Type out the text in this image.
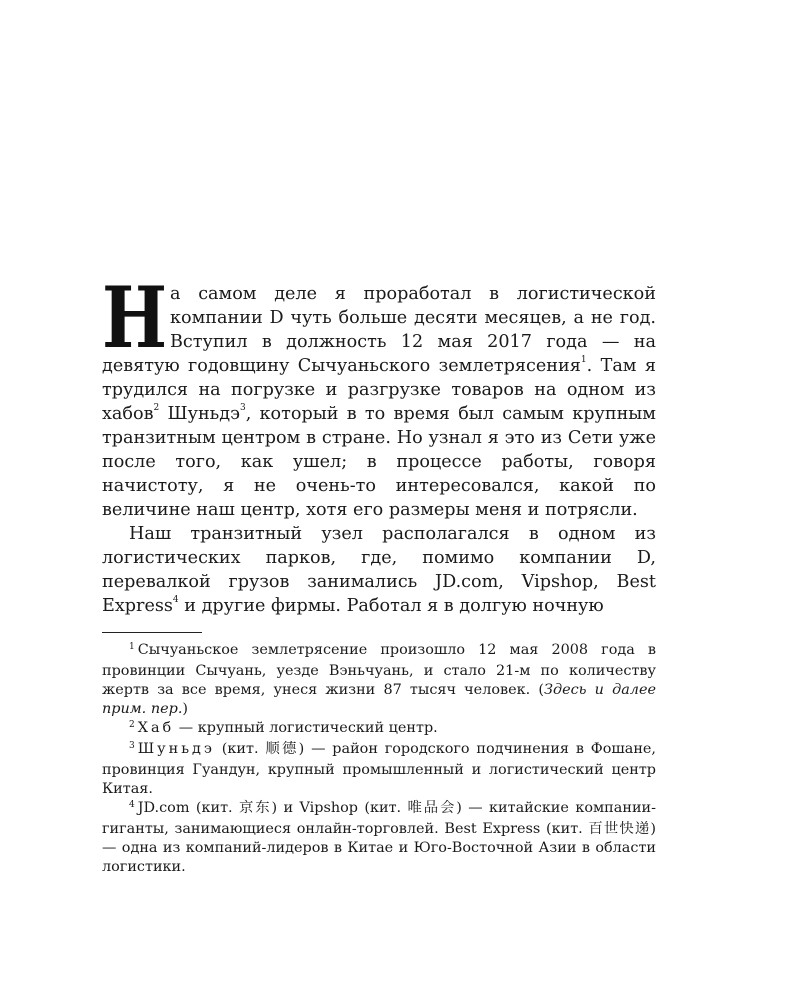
На самом деле я проработал в логистической компании D чуть больше десяти месяцев, а не год. Вступил в должность 12 мая 2017 года — на девятую годовщину Сычуаньского землетрясения$^1$. Там я трудился на погрузке и разгрузке товаров на одном из хабов$^2$ Шуньдэ$^3$, который в то время был самым крупным транзитным центром в стране. Но узнал я это из Сети уже после того, как ушел; в процессе работы, говоря начистоту, я не очень-то интересовался, какой по величине наш центр, хотя его размеры меня и потрясли.

Наш транзитный узел располагался в одном из логистических парков, где, помимо компании D, перевалкой грузов занимались JD.com, Vipshop, Best Express$^4$ и другие фирмы. Работал я в долгую ночную

$^1$ Сычуаньское землетрясение произошло 12 мая 2008 года в провинции Сычуань, уезде Вэньчуань, и стало 21-м по количеству жертв за все время, унеся жизни 87 тысяч человек. (Здесь и далее прим. пер.)

$^2$ Хаб — крупный логистический центр.

$^3$ Шуньдэ (кит. 顺德) — район городского подчинения в Фошане, провинция Гуандун, крупный промышленный и логистический центр Китая.

$^4$ JD.com (кит. 京东) и Vipshop (кит. 唯品会) — китайские компании-гиганты, занимающиеся онлайн-торговлей. Best Express (кит. 百世快递) — одна из компаний-лидеров в Китае и Юго-Восточной Азии в области логистики.
